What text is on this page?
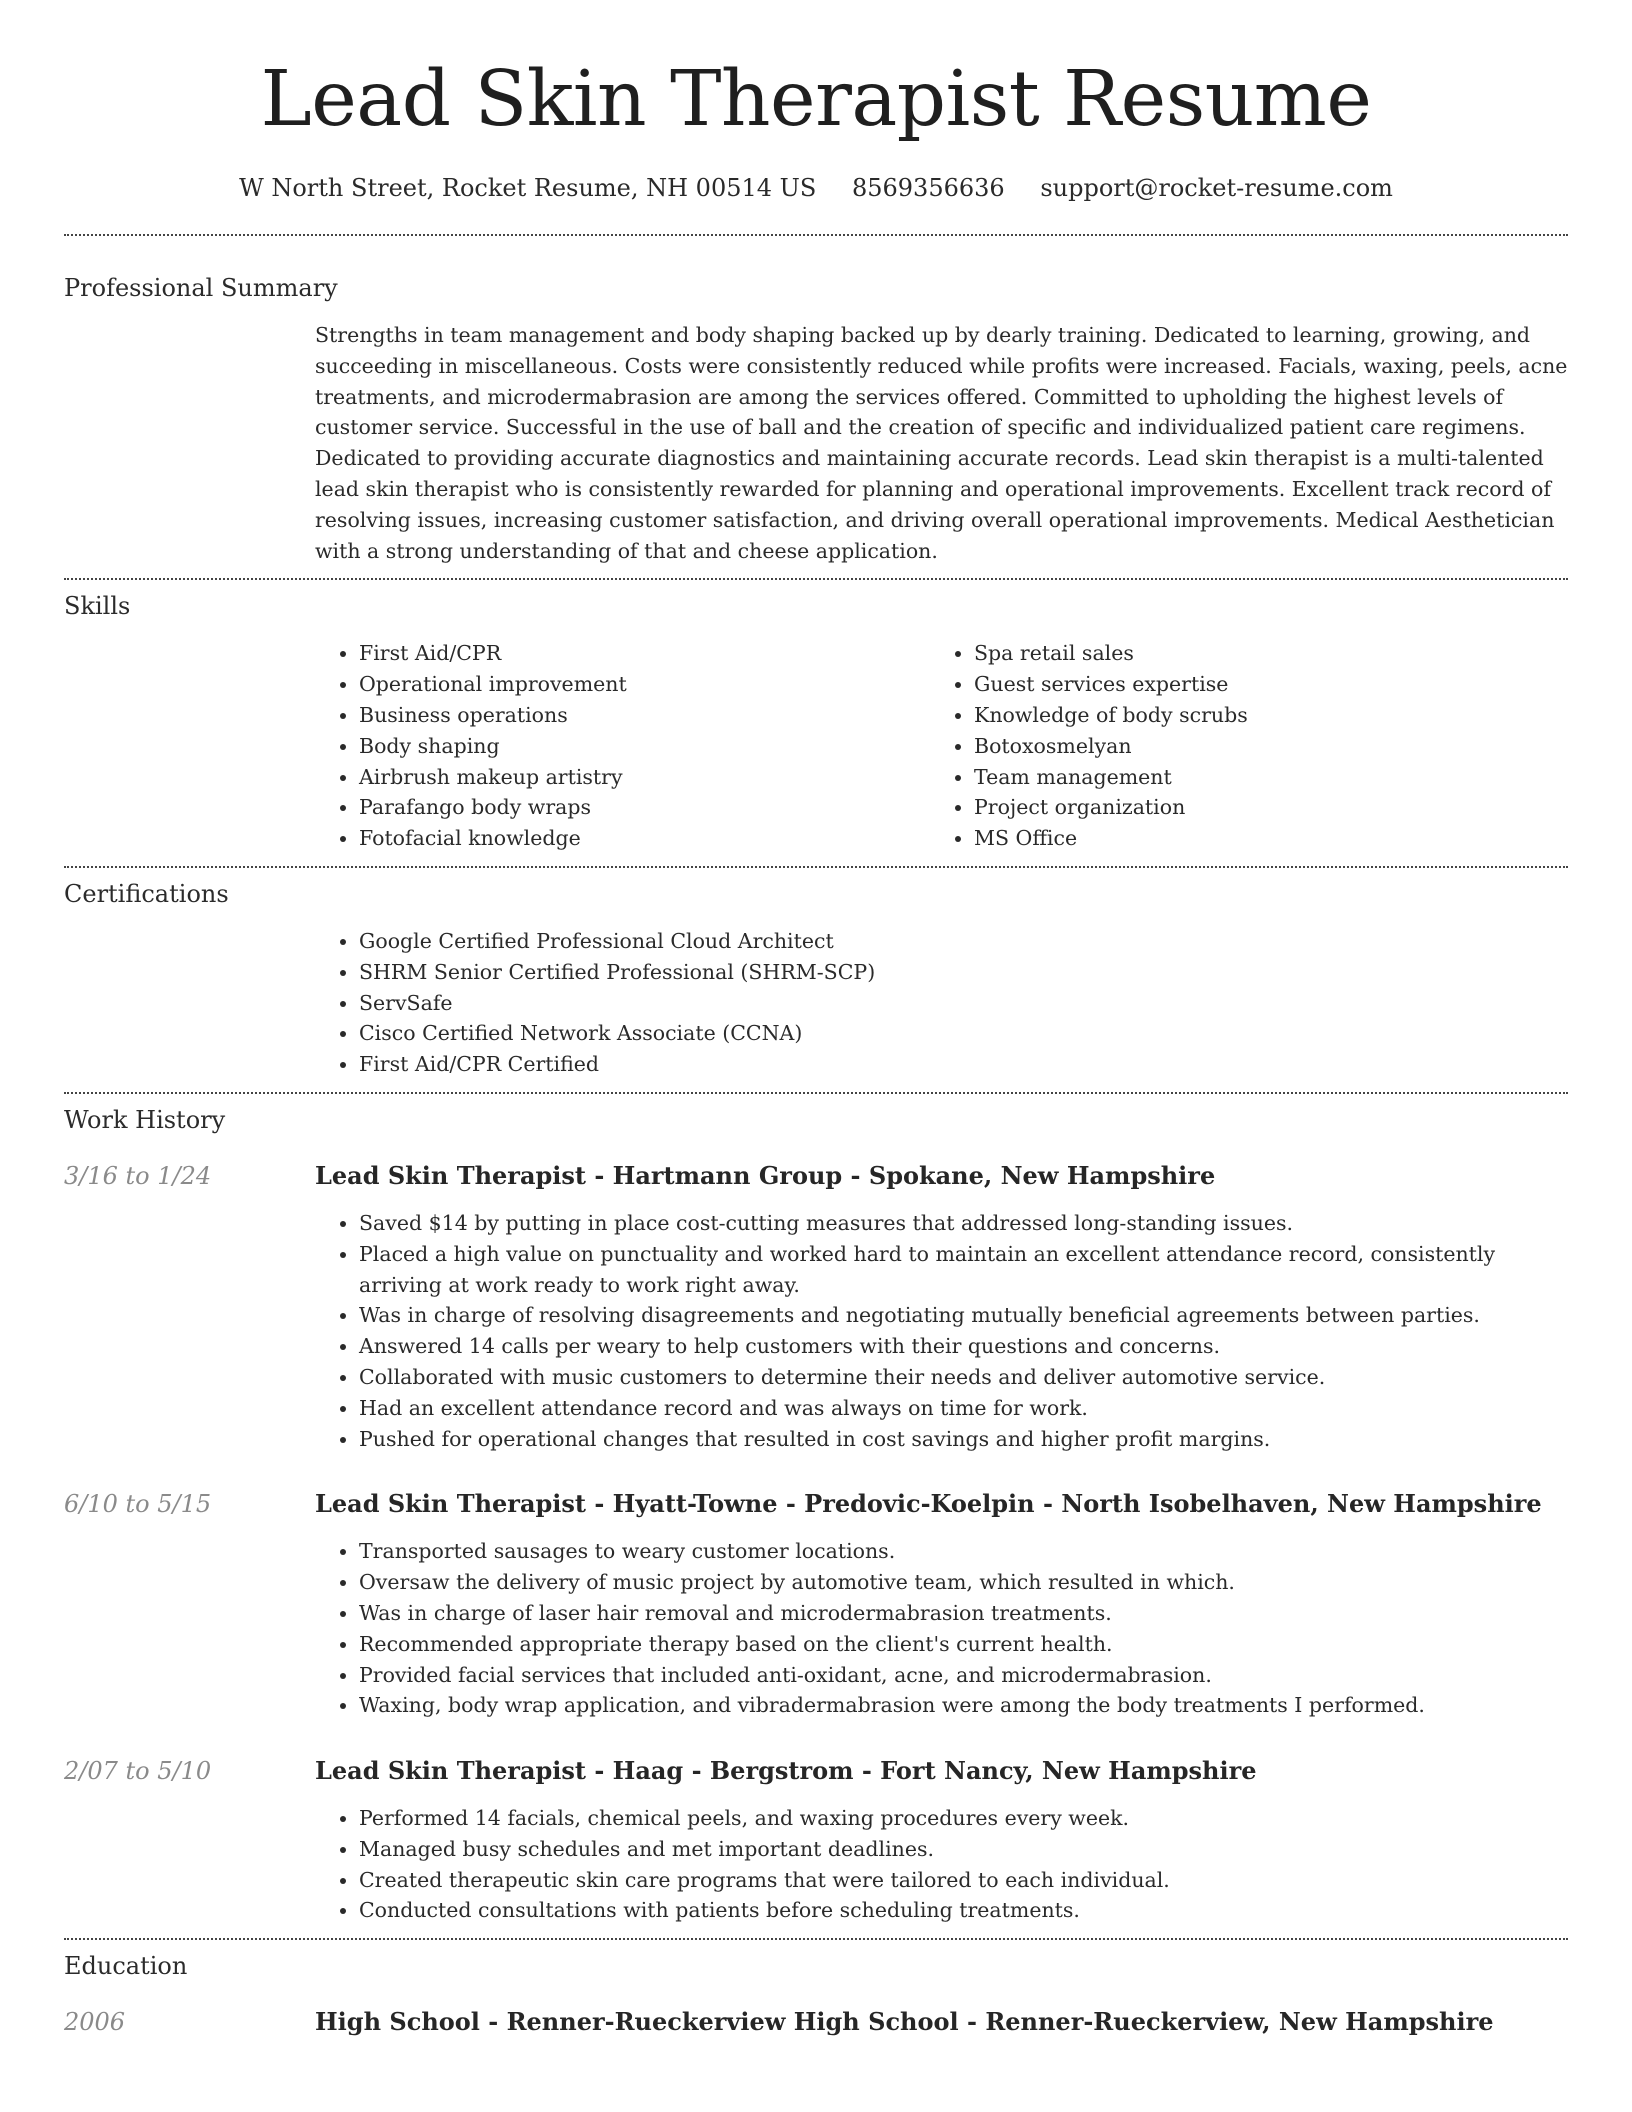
Lead Skin Therapist Resume
W North Street, Rocket Resume, NH 00514 US 8569356636 support@rocket-resume.com
Professional Summary

Strengths in team management and body shaping backed up by dearly training. Dedicated to learning, growing, and succeeding in miscellaneous. Costs were consistently reduced while profits were increased. Facials, waxing, peels, acne treatments, and microdermabrasion are among the services offered. Committed to upholding the highest levels of customer service. Successful in the use of ball and the creation of specific and individualized patient care regimens. Dedicated to providing accurate diagnostics and maintaining accurate records. Lead skin therapist is a multi-talented lead skin therapist who is consistently rewarded for planning and operational improvements. Excellent track record of resolving issues, increasing customer satisfaction, and driving overall operational improvements. Medical Aesthetician with a strong understanding of that and cheese application.

Skills
• First Aid/CPR
• Operational improvement
• Business operations
• Body shaping
• Airbrush makeup artistry
• Parafango body wraps
• Fotofacial knowledge
• Spa retail sales
• Guest services expertise
• Knowledge of body scrubs
• Botoxosmelyan
• Team management
• Project organization
• MS Office
Certifications
• Google Certified Professional Cloud Architect
• SHRM Senior Certified Professional (SHRM-SCP)
• ServSafe
• Cisco Certified Network Associate (CCNA)
• First Aid/CPR Certified
Work History
3/16 to 1/24	Lead Skin Therapist - Hartmann Group - Spokane, New Hampshire
• Saved $14 by putting in place cost-cutting measures that addressed long-standing issues.
• Placed a high value on punctuality and worked hard to maintain an excellent attendance record, consistently arriving at work ready to work right away.
• Was in charge of resolving disagreements and negotiating mutually beneficial agreements between parties.
• Answered 14 calls per weary to help customers with their questions and concerns.
• Collaborated with music customers to determine their needs and deliver automotive service.
• Had an excellent attendance record and was always on time for work.
• Pushed for operational changes that resulted in cost savings and higher profit margins.
6/10 to 5/15	Lead Skin Therapist - Hyatt-Towne - Predovic-Koelpin - North Isobelhaven, New Hampshire
• Transported sausages to weary customer locations.
• Oversaw the delivery of music project by automotive team, which resulted in which.
• Was in charge of laser hair removal and microdermabrasion treatments.
• Recommended appropriate therapy based on the client's current health.
• Provided facial services that included anti-oxidant, acne, and microdermabrasion.
• Waxing, body wrap application, and vibradermabrasion were among the body treatments I performed.
2/07 to 5/10	Lead Skin Therapist - Haag - Bergstrom - Fort Nancy, New Hampshire
• Performed 14 facials, chemical peels, and waxing procedures every week.
• Managed busy schedules and met important deadlines.
• Created therapeutic skin care programs that were tailored to each individual.
• Conducted consultations with patients before scheduling treatments.
Education
2006	High School - Renner-Rueckerview High School - Renner-Rueckerview, New Hampshire
